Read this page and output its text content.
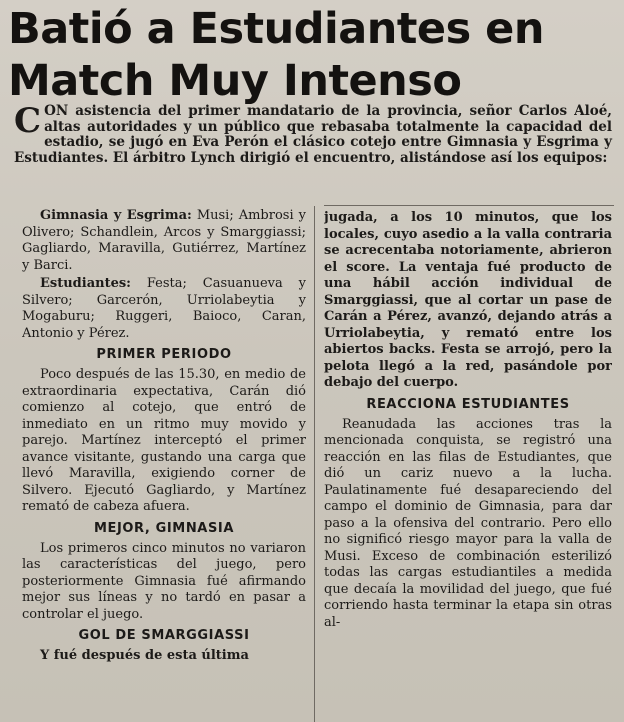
Batió a Estudiantes en
Match Muy Intenso
CON asistencia del primer mandatario de la provincia, señor Carlos Aloé, altas autoridades y un público que rebasaba totalmente la capacidad del estadio, se jugó en Eva Perón el clásico cotejo entre Gimnasia y Esgrima y Estudiantes. El árbitro Lynch dirigió el encuentro, alistándose así los equipos:

Gimnasia y Esgrima: Musi; Ambrosi y Olivero; Schandlein, Arcos y Smarggiassi; Gagliardo, Maravilla, Gutiérrez, Martínez y Barci.

Estudiantes: Festa; Casuanueva y Silvero; Garcerón, Urriolabeytia y Mogaburu; Ruggeri, Baioco, Caran, Antonio y Pérez.

PRIMER PERIODO

Poco después de las 15.30, en medio de extraordinaria expectativa, Carán dió comienzo al cotejo, que entró de inmediato en un ritmo muy movido y parejo. Martínez interceptó el primer avance visitante, gustando una carga que llevó Maravilla, exigiendo corner de Silvero. Ejecutó Gagliardo, y Martínez remató de cabeza afuera.

MEJOR, GIMNASIA

Los primeros cinco minutos no variaron las características del juego, pero posteriormente Gimnasia fué afirmando mejor sus líneas y no tardó en pasar a controlar el juego.

GOL DE SMARGGIASSI

Y fué después de esta última

jugada, a los 10 minutos, que los locales, cuyo asedio a la valla contraria se acrecentaba notoriamente, abrieron el score. La ventaja fué producto de una hábil acción individual de Smarggiassi, que al cortar un pase de Carán a Pérez, avanzó, dejando atrás a Urriolabeytia, y remató entre los abiertos backs. Festa se arrojó, pero la pelota llegó a la red, pasándole por debajo del cuerpo.

REACCIONA ESTUDIANTES

Reanudada las acciones tras la mencionada conquista, se registró una reacción en las filas de Estudiantes, que dió un cariz nuevo a la lucha. Paulatinamente fué desapareciendo del campo el dominio de Gimnasia, para dar paso a la ofensiva del contrario. Pero ello no significó riesgo mayor para la valla de Musi. Exceso de combinación esterilizó todas las cargas estudiantiles a medida que decaía la movilidad del juego, que fué corriendo hasta terminar la etapa sin otras al-
